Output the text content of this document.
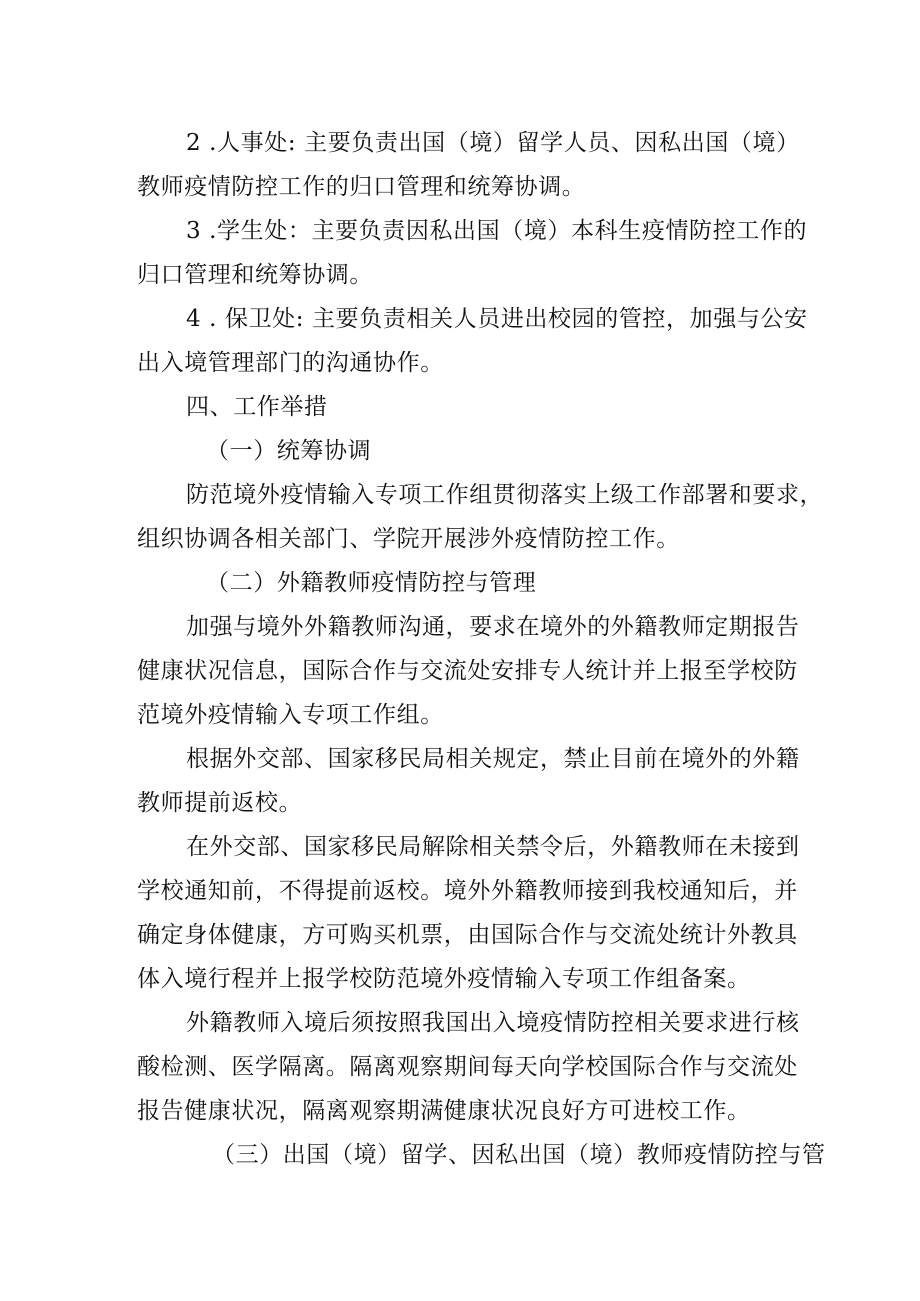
2 .人事处: 主要负责出国（境）留学人员、因私出国（境）
教师疫情防控工作的归口管理和统筹协调。
3 .学生处：主要负责因私出国（境）本科生疫情防控工作的
归口管理和统筹协调。
4 . 保卫处: 主要负责相关人员进出校园的管控，加强与公安
出入境管理部门的沟通协作。
四、工作举措
（一）统筹协调
防范境外疫情输入专项工作组贯彻落实上级工作部署和要求，
组织协调各相关部门、学院开展涉外疫情防控工作。
（二）外籍教师疫情防控与管理
加强与境外外籍教师沟通，要求在境外的外籍教师定期报告
健康状况信息，国际合作与交流处安排专人统计并上报至学校防
范境外疫情输入专项工作组。
根据外交部、国家移民局相关规定，禁止目前在境外的外籍
教师提前返校。
在外交部、国家移民局解除相关禁令后，外籍教师在未接到
学校通知前，不得提前返校。境外外籍教师接到我校通知后，并
确定身体健康，方可购买机票，由国际合作与交流处统计外教具
体入境行程并上报学校防范境外疫情输入专项工作组备案。
外籍教师入境后须按照我国出入境疫情防控相关要求进行核
酸检测、医学隔离。隔离观察期间每天向学校国际合作与交流处
报告健康状况，隔离观察期满健康状况良好方可进校工作。
（三）出国（境）留学、因私出国（境）教师疫情防控与管
